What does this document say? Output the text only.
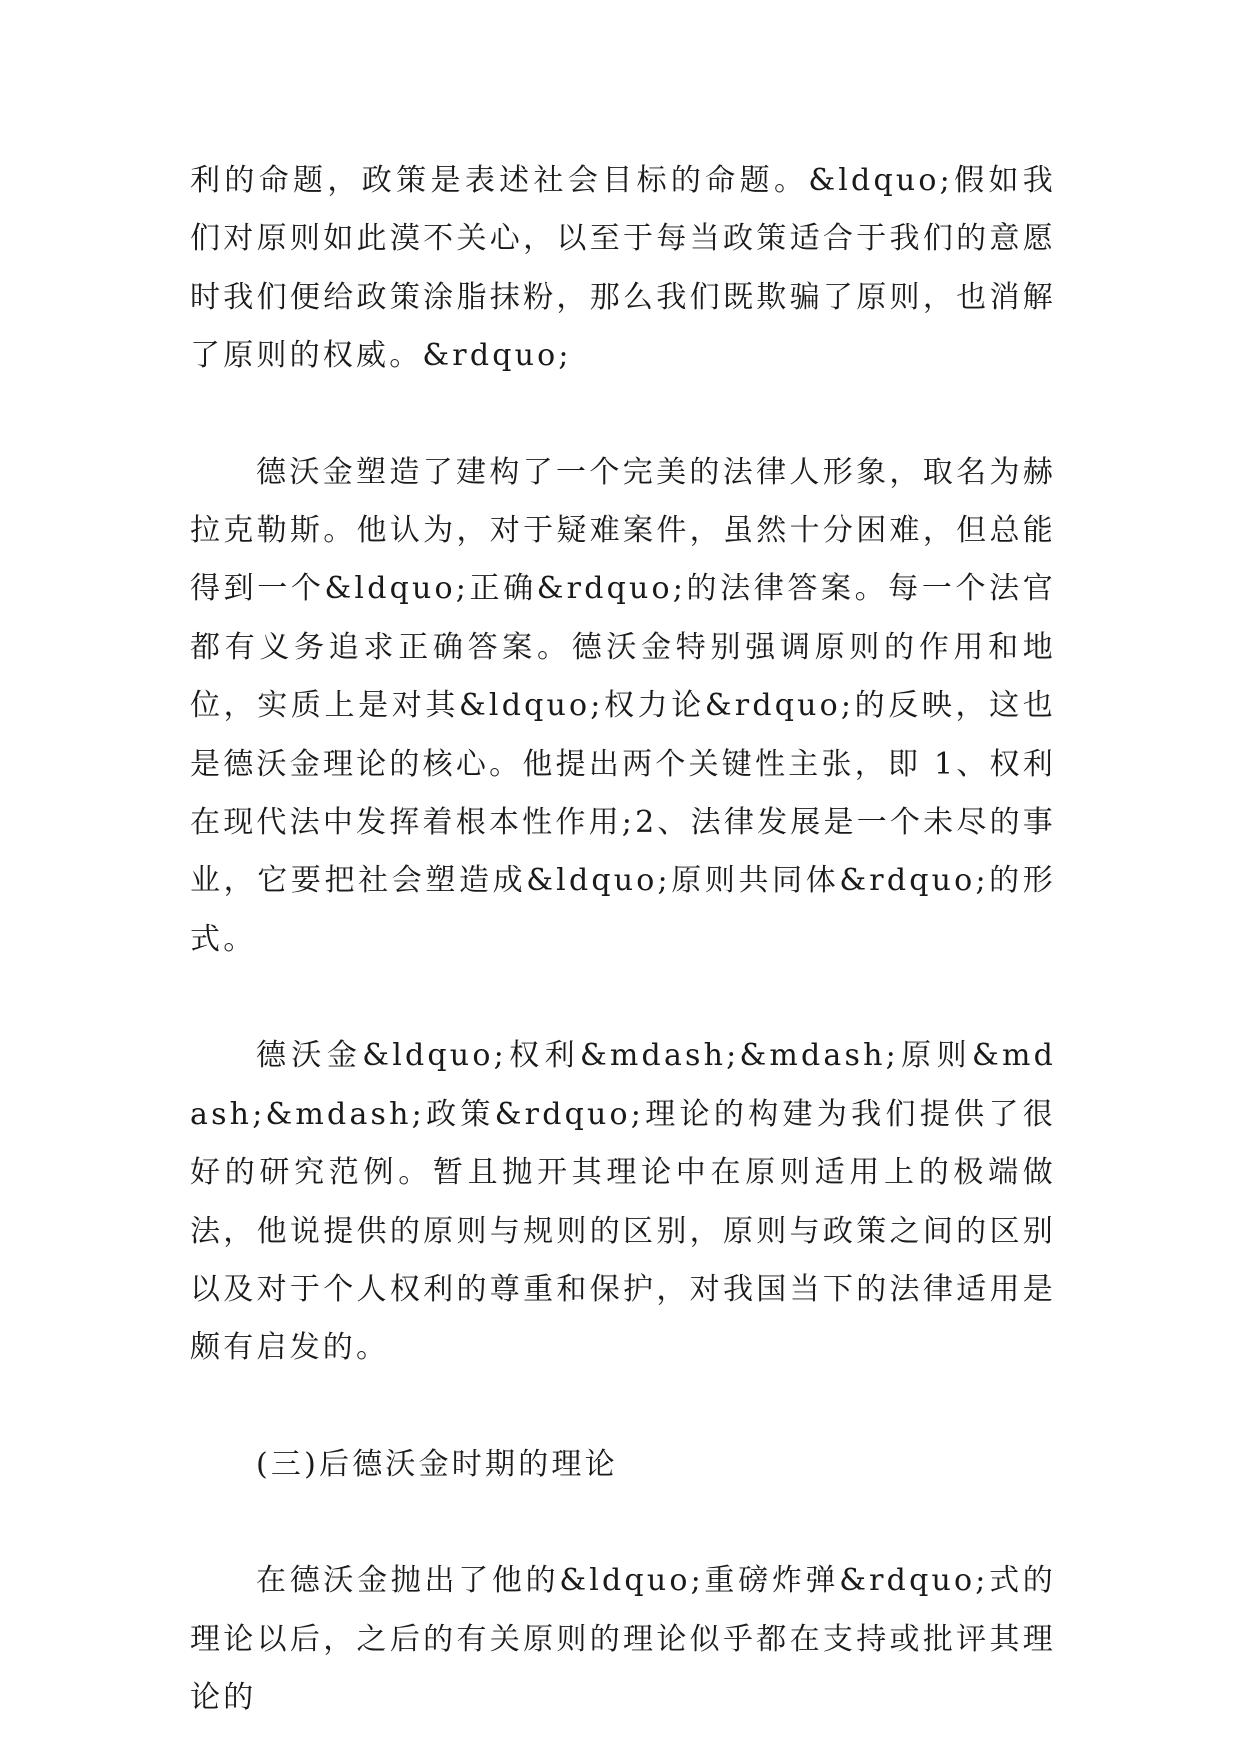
利的命题，政策是表述社会目标的命题。&ldquo;假如我们对原则如此漠不关心，以至于每当政策适合于我们的意愿时我们便给政策涂脂抹粉，那么我们既欺骗了原则，也消解了原则的权威。&rdquo;

德沃金塑造了建构了一个完美的法律人形象，取名为赫拉克勒斯。他认为，对于疑难案件，虽然十分困难，但总能得到一个&ldquo;正确&rdquo;的法律答案。每一个法官都有义务追求正确答案。德沃金特别强调原则的作用和地位，实质上是对其&ldquo;权力论&rdquo;的反映，这也是德沃金理论的核心。他提出两个关键性主张，即 1、权利在现代法中发挥着根本性作用;2、法律发展是一个未尽的事业，它要把社会塑造成&ldquo;原则共同体&rdquo;的形式。

德沃金&ldquo;权利&mdash;&mdash;原则&mdash;&mdash;政策&rdquo;理论的构建为我们提供了很好的研究范例。暂且抛开其理论中在原则适用上的极端做法，他说提供的原则与规则的区别，原则与政策之间的区别以及对于个人权利的尊重和保护，对我国当下的法律适用是颇有启发的。

(三)后德沃金时期的理论

在德沃金抛出了他的&ldquo;重磅炸弹&rdquo;式的理论以后，之后的有关原则的理论似乎都在支持或批评其理论的
